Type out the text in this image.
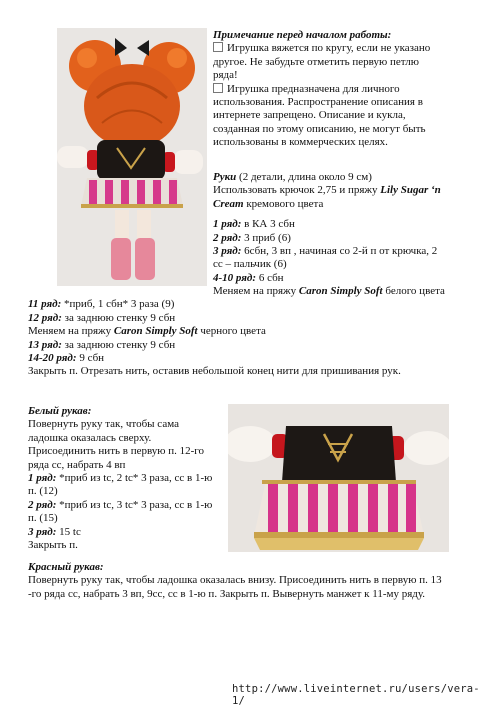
Примечание перед началом работы:

Игрушка вяжется по кругу, если не указано другое. Не забудьте отметить первую петлю ряда!

Игрушка предназначена для личного использования. Распространение описания в интернете запрещено. Описание и кукла, созданная по этому описанию, не могут быть использованы в коммерческих целях.

Руки (2 детали, длина около 9 см)

Использовать крючок 2,75 и пряжу Lily Sugar ‘n Cream кремового цвета

1 ряд: в КА 3 сбн

2 ряд: 3 приб (6)

3 ряд: 6сбн, 3 вп , начиная со 2-й п от крючка, 2 сс – пальчик (6)

4-10 ряд: 6 сбн

Меняем на пряжу Caron Simply Soft белого цвета

11 ряд: *приб, 1 сбн* 3 раза (9)

12 ряд: за заднюю стенку 9 сбн

Меняем на пряжу Caron Simply Soft черного цвета

13 ряд: за заднюю стенку 9 сбн

14-20 ряд: 9 сбн

Закрыть п. Отрезать нить, оставив небольшой конец нити для пришивания рук.

Белый рукав:

Повернуть руку так, чтобы сама ладошка оказалась сверху.

Присоединить нить в первую п. 12-го ряда сс, набрать 4 вп

1 ряд: *приб из tc, 2 tc* 3 раза, сс в 1-ю п. (12)

2 ряд: *приб из tc, 3 tc* 3 раза, сс в 1-ю п. (15)

3 ряд: 15 tc

Закрыть п.

Красный рукав:

Повернуть руку так, чтобы ладошка оказалась внизу. Присоединить нить в первую п. 13 -го ряда сс, набрать 3 вп, 9сс, сс в 1-ю п. Закрыть п. Вывернуть манжет к 11-му ряду.

http://www.liveinternet.ru/users/vera-1/
